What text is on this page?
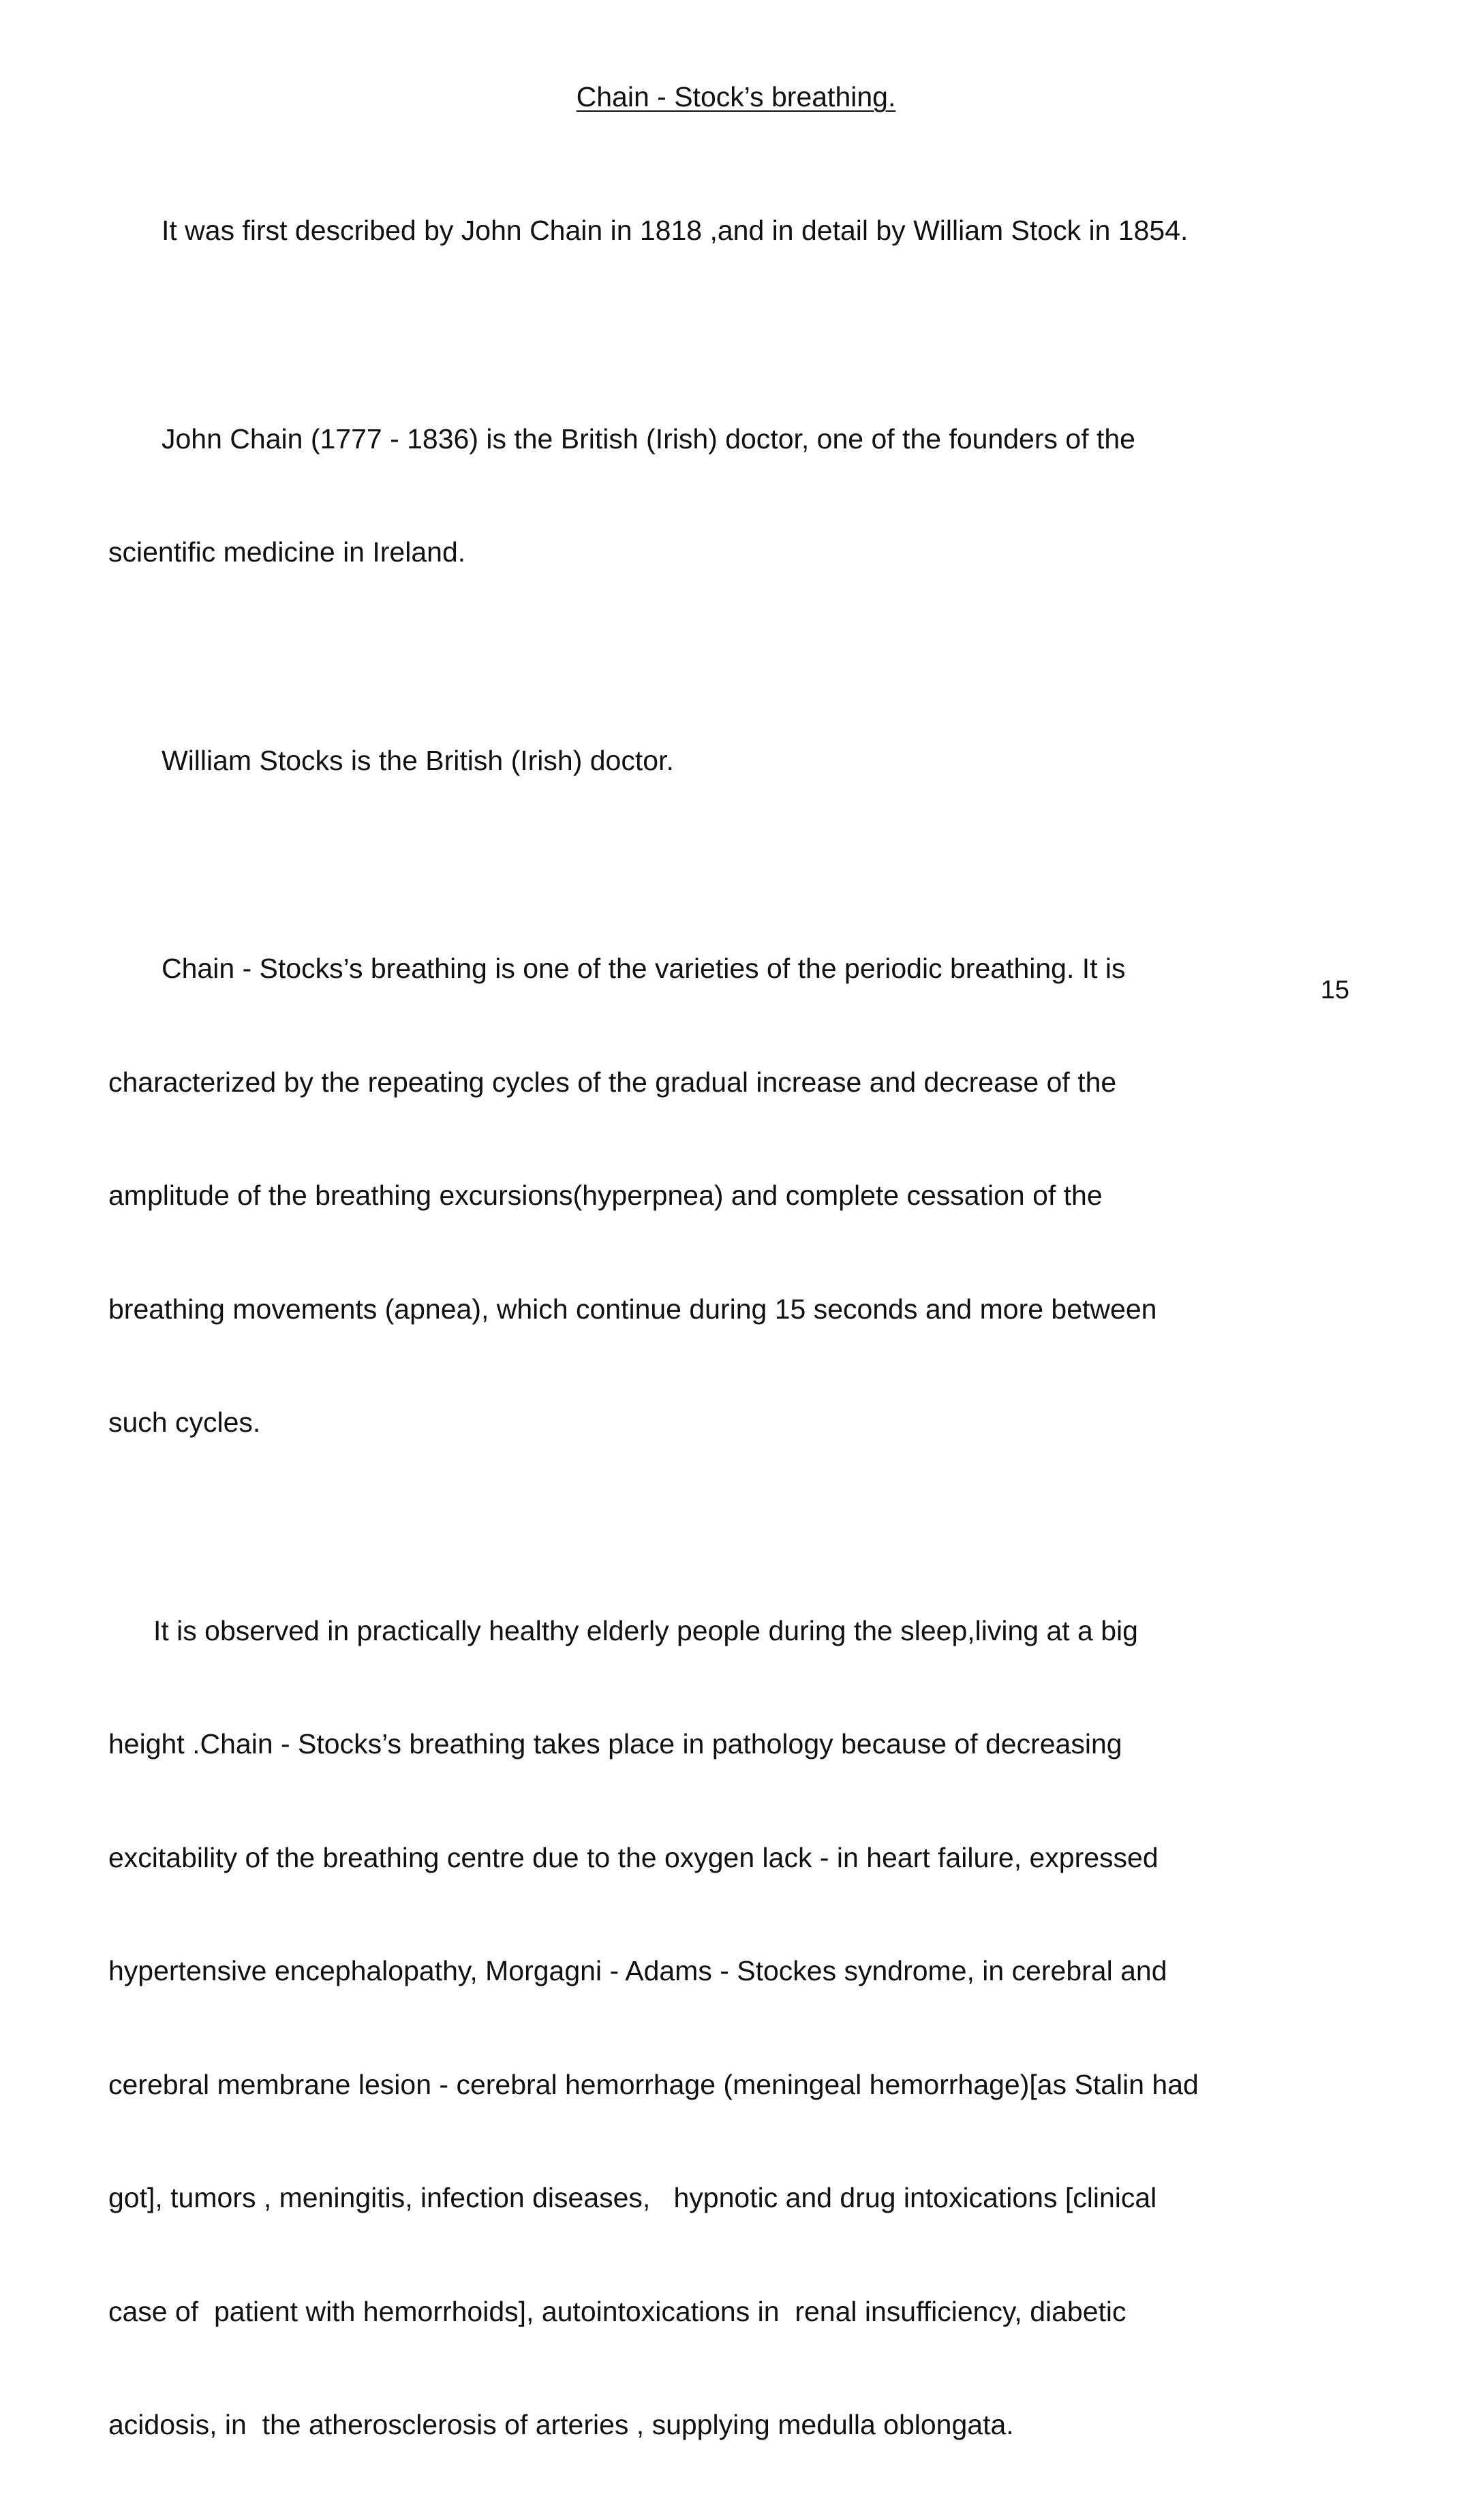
Chain - Stock’s breathing.

It was first described by John Chain in 1818 ,and in detail by William Stock in 1854.

John Chain (1777 - 1836) is the British (Irish) doctor, one of the founders of the

scientific medicine in Ireland.

William Stocks is the British (Irish) doctor.

Chain - Stocks’s breathing is one of the varieties of the periodic breathing. It is

characterized by the repeating cycles of the gradual increase and decrease of the

amplitude of the breathing excursions(hyperpnea) and complete cessation of the

breathing movements (apnea), which continue during 15 seconds and more between

such cycles.

It is observed in practically healthy elderly people during the sleep,living at a big

height .Chain - Stocks’s breathing takes place in pathology because of decreasing

excitability of the breathing centre due to the oxygen lack - in heart failure, expressed

hypertensive encephalopathy, Morgagni - Adams - Stockes syndrome, in cerebral and

cerebral membrane lesion - cerebral hemorrhage (meningeal hemorrhage)[as Stalin had

got], tumors , meningitis, infection diseases,   hypnotic and drug intoxications [clinical

case of  patient with hemorrhoids], autointoxications in  renal insufficiency, diabetic

acidosis, in  the atherosclerosis of arteries , supplying medulla oblongata.

15
